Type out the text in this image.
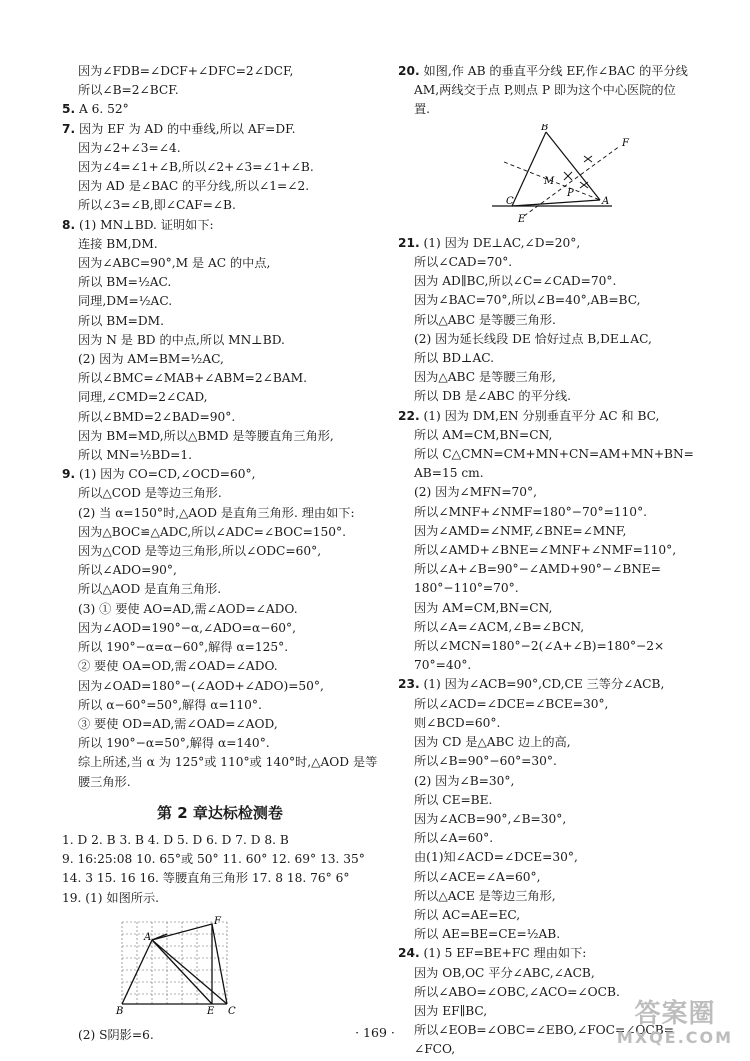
因为∠FDB=∠DCF+∠DFC=2∠DCF,
所以∠B=2∠BCF.
5. A 6. 52°
7. 因为 EF 为 AD 的中垂线,所以 AF=DF.
因为∠2+∠3=∠4.
因为∠4=∠1+∠B,所以∠2+∠3=∠1+∠B.
因为 AD 是∠BAC 的平分线,所以∠1=∠2.
所以∠3=∠B,即∠CAF=∠B.
8. (1) MN⊥BD. 证明如下:
连接 BM,DM.
因为∠ABC=90°,M 是 AC 的中点,
所以 BM=½AC.
同理,DM=½AC.
所以 BM=DM.
因为 N 是 BD 的中点,所以 MN⊥BD.
(2) 因为 AM=BM=½AC,
所以∠BMC=∠MAB+∠ABM=2∠BAM.
同理,∠CMD=2∠CAD,
所以∠BMD=2∠BAD=90°.
因为 BM=MD,所以△BMD 是等腰直角三角形,
所以 MN=½BD=1.
9. (1) 因为 CO=CD,∠OCD=60°,
所以△COD 是等边三角形.
(2) 当 α=150°时,△AOD 是直角三角形. 理由如下:
因为△BOC≌△ADC,所以∠ADC=∠BOC=150°.
因为△COD 是等边三角形,所以∠ODC=60°,
所以∠ADO=90°,
所以△AOD 是直角三角形.
(3) ① 要使 AO=AD,需∠AOD=∠ADO.
因为∠AOD=190°−α,∠ADO=α−60°,
所以 190°−α=α−60°,解得 α=125°.
② 要使 OA=OD,需∠OAD=∠ADO.
因为∠OAD=180°−(∠AOD+∠ADO)=50°,
所以 α−60°=50°,解得 α=110°.
③ 要使 OD=AD,需∠OAD=∠AOD,
所以 190°−α=50°,解得 α=140°.
综上所述,当 α 为 125°或 110°或 140°时,△AOD 是等
腰三角形.
第 2 章达标检测卷
1. D 2. B 3. B 4. D 5. D 6. D 7. D 8. B
9. 16:25:08 10. 65°或 50° 11. 60° 12. 69° 13. 35°
14. 3 15. 16 16. 等腰直角三角形 17. 8 18. 76° 6°
19. (1) 如图所示.
A
F
B	E C
(2) S阴影=6.
20. 如图,作 AB 的垂直平分线 EF,作∠BAC 的平分线
AM,两线交于点 P,则点 P 即为这个中心医院的位
置.
B
F
M
P
C	A
E
21. (1) 因为 DE⊥AC,∠D=20°,
所以∠CAD=70°.
因为 AD∥BC,所以∠C=∠CAD=70°.
因为∠BAC=70°,所以∠B=40°,AB=BC,
所以△ABC 是等腰三角形.
(2) 因为延长线段 DE 恰好过点 B,DE⊥AC,
所以 BD⊥AC.
因为△ABC 是等腰三角形,
所以 DB 是∠ABC 的平分线.
22. (1) 因为 DM,EN 分别垂直平分 AC 和 BC,
所以 AM=CM,BN=CN,
所以 C△CMN=CM+MN+CN=AM+MN+BN=
AB=15 cm.
(2) 因为∠MFN=70°,
所以∠MNF+∠NMF=180°−70°=110°.
因为∠AMD=∠NMF,∠BNE=∠MNF,
所以∠AMD+∠BNE=∠MNF+∠NMF=110°,
所以∠A+∠B=90°−∠AMD+90°−∠BNE=
180°−110°=70°.
因为 AM=CM,BN=CN,
所以∠A=∠ACM,∠B=∠BCN,
所以∠MCN=180°−2(∠A+∠B)=180°−2×
70°=40°.
23. (1) 因为∠ACB=90°,CD,CE 三等分∠ACB,
所以∠ACD=∠DCE=∠BCE=30°,
则∠BCD=60°.
因为 CD 是△ABC 边上的高,
所以∠B=90°−60°=30°.
(2) 因为∠B=30°,
所以 CE=BE.
因为∠ACB=90°,∠B=30°,
所以∠A=60°.
由(1)知∠ACD=∠DCE=30°,
所以∠ACE=∠A=60°,
所以△ACE 是等边三角形,
所以 AC=AE=EC,
所以 AE=BE=CE=½AB.
24. (1) 5 EF=BE+FC 理由如下:
因为 OB,OC 平分∠ABC,∠ACB,
所以∠ABO=∠OBC,∠ACO=∠OCB.
因为 EF∥BC,
所以∠EOB=∠OBC=∠EBO,∠FOC=∠OCB=
∠FCO,
· 169 ·
答案圈
MXQE.COM
